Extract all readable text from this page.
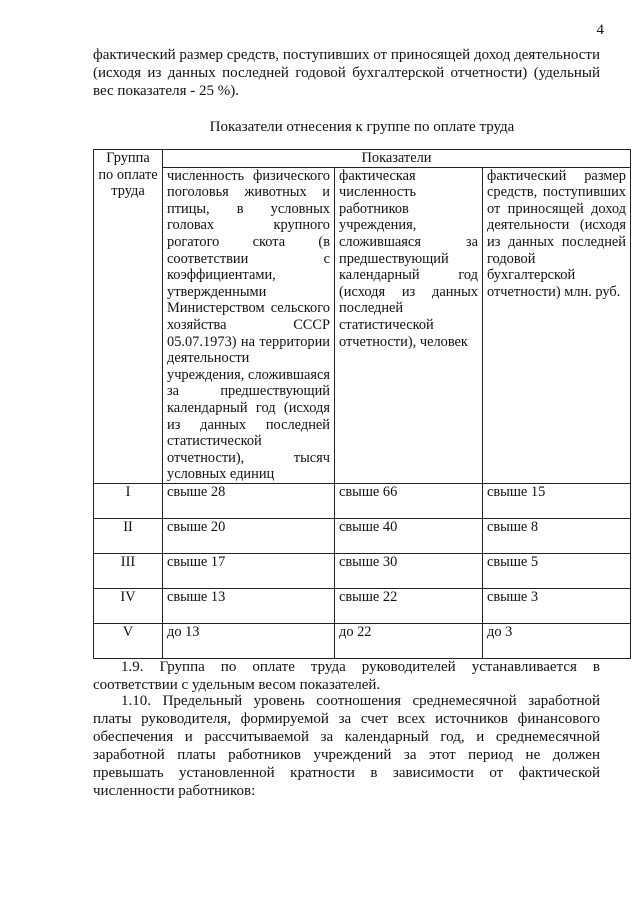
4

фактический размер средств, поступивших от приносящей доход деятельности (исходя из данных последней годовой бухгалтерской отчетности) (удельный вес показателя - 25 %).

Показатели отнесения к группе по оплате труда
Группа по оплате труда	Показатели		
	численность физического поголовья животных и птицы, в условных головах крупного рогатого скота (в соответствии с коэффициентами, утвержденными Министерством сельского хозяйства СССР 05.07.1973) на территории деятельности учреждения, сложившаяся за предшествующий календарный год (исходя из данных последней статистической отчетности), тысяч условных единиц	фактическая численность работников учреждения, сложившаяся за предшествующий календарный год (исходя из данных последней статистической отчетности), человек	фактический размер средств, поступивших от приносящей доход деятельности (исходя из данных последней годовой бухгалтерской отчетности) млн. руб.
I	свыше 28	свыше 66	свыше 15
II	свыше 20	свыше 40	свыше 8
III	свыше 17	свыше 30	свыше 5
IV	свыше 13	свыше 22	свыше 3
V	до 13	до 22	до 3

1.9. Группа по оплате труда руководителей устанавливается в соответствии с удельным весом показателей.

1.10. Предельный уровень соотношения среднемесячной заработной платы руководителя, формируемой за счет всех источников финансового обеспечения и рассчитываемой за календарный год, и среднемесячной заработной платы работников учреждений за этот период не должен превышать установленной кратности в зависимости от фактической численности работников:
